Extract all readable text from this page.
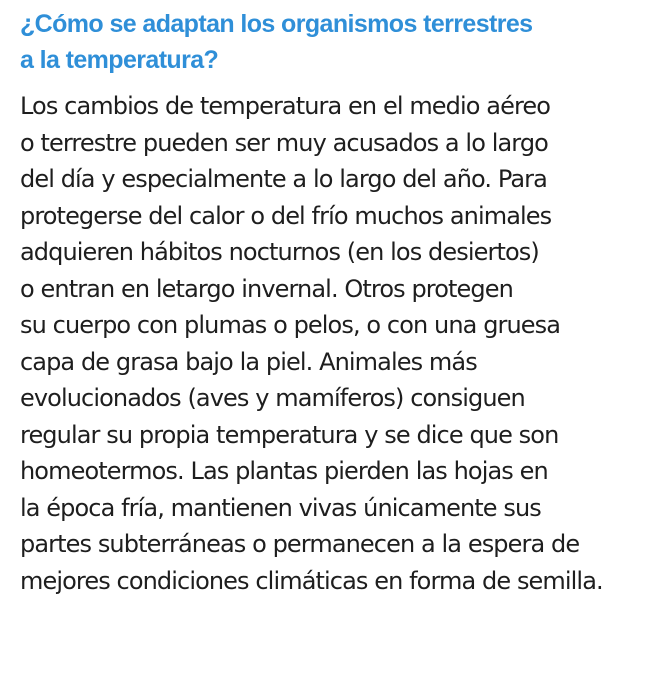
¿Cómo se adaptan los organismos terrestres
a la temperatura?

Los cambios de temperatura en el medio aéreo
o terrestre pueden ser muy acusados a lo largo
del día y especialmente a lo largo del año. Para
protegerse del calor o del frío muchos animales
adquieren hábitos nocturnos (en los desiertos)
o entran en letargo invernal. Otros protegen
su cuerpo con plumas o pelos, o con una gruesa
capa de grasa bajo la piel. Animales más
evolucionados (aves y mamíferos) consiguen
regular su propia temperatura y se dice que son
homeotermos. Las plantas pierden las hojas en
la época fría, mantienen vivas únicamente sus
partes subterráneas o permanecen a la espera de
mejores condiciones climáticas en forma de semilla.
